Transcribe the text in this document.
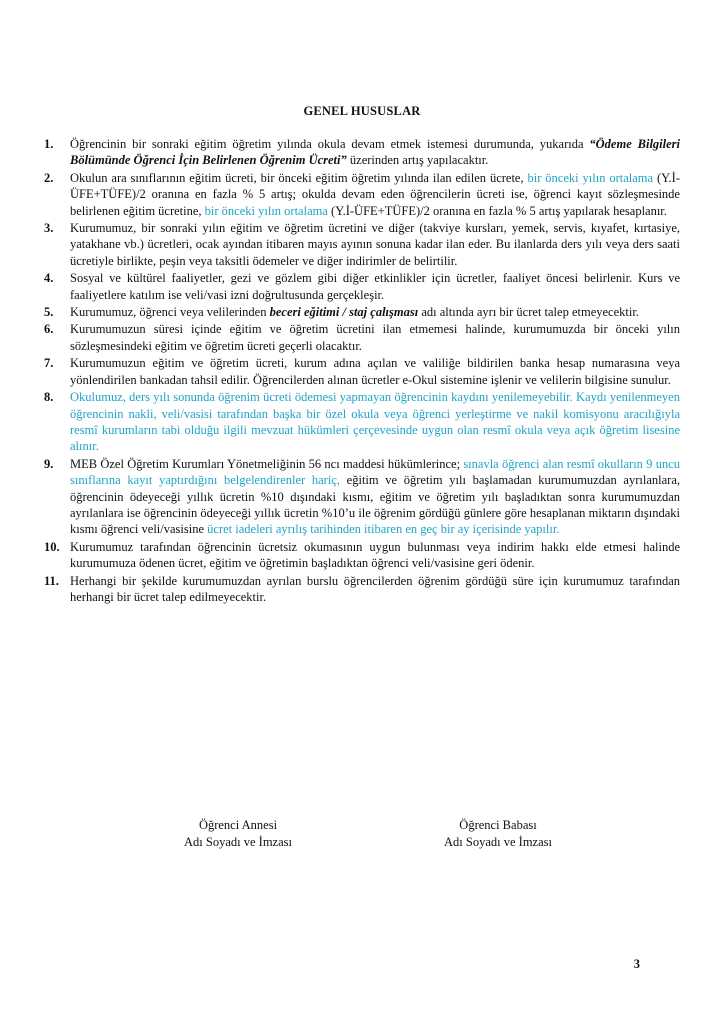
GENEL HUSUSLAR
1.	Öğrencinin bir sonraki eğitim öğretim yılında okula devam etmek istemesi durumunda, yukarıda “Ödeme Bilgileri Bölümünde Öğrenci İçin Belirlenen Öğrenim Ücreti” üzerinden artış yapılacaktır.
2.	Okulun ara sınıflarının eğitim ücreti, bir önceki eğitim öğretim yılında ilan edilen ücrete, bir önceki yılın ortalama (Y.İ-ÜFE+TÜFE)/2 oranına en fazla % 5 artış; okulda devam eden öğrencilerin ücreti ise, öğrenci kayıt sözleşmesinde belirlenen eğitim ücretine, bir önceki yılın ortalama (Y.İ-ÜFE+TÜFE)/2 oranına en fazla % 5 artış yapılarak hesaplanır.
3.	Kurumumuz, bir sonraki yılın eğitim ve öğretim ücretini ve diğer (takviye kursları, yemek, servis, kıyafet, kırtasiye, yatakhane vb.) ücretleri, ocak ayından itibaren mayıs ayının sonuna kadar ilan eder. Bu ilanlarda ders yılı veya ders saati ücretiyle birlikte, peşin veya taksitli ödemeler ve diğer indirimler de belirtilir.
4.	Sosyal ve kültürel faaliyetler, gezi ve gözlem gibi diğer etkinlikler için ücretler, faaliyet öncesi belirlenir. Kurs ve faaliyetlere katılım ise veli/vasi izni doğrultusunda gerçekleşir.
5.	Kurumumuz, öğrenci veya velilerinden beceri eğitimi / staj çalışması adı altında ayrı bir ücret talep etmeyecektir.
6.	Kurumumuzun süresi içinde eğitim ve öğretim ücretini ilan etmemesi halinde, kurumumuzda bir önceki yılın sözleşmesindeki eğitim ve öğretim ücreti geçerli olacaktır.
7.	Kurumumuzun eğitim ve öğretim ücreti, kurum adına açılan ve valiliğe bildirilen banka hesap numarasına veya yönlendirilen bankadan tahsil edilir. Öğrencilerden alınan ücretler e-Okul sistemine işlenir ve velilerin bilgisine sunulur.
8.	Okulumuz, ders yılı sonunda öğrenim ücreti ödemesi yapmayan öğrencinin kaydını yenilemeyebilir. Kaydı yenilenmeyen öğrencinin nakli, veli/vasisi tarafından başka bir özel okula veya öğrenci yerleştirme ve nakil komisyonu aracılığıyla resmî kurumların tabi olduğu ilgili mevzuat hükümleri çerçevesinde uygun olan resmî okula veya açık öğretim lisesine alınır.
9.	MEB Özel Öğretim Kurumları Yönetmeliğinin 56 ncı maddesi hükümlerince; sınavla öğrenci alan resmî okulların 9 uncu sınıflarına kayıt yaptırdığını belgelendirenler hariç, eğitim ve öğretim yılı başlamadan kurumumuzdan ayrılanlara, öğrencinin ödeyeceği yıllık ücretin %10 dışındaki kısmı, eğitim ve öğretim yılı başladıktan sonra kurumumuzdan ayrılanlara ise öğrencinin ödeyeceği yıllık ücretin %10’u ile öğrenim gördüğü günlere göre hesaplanan miktarın dışındaki kısmı öğrenci veli/vasisine ücret iadeleri ayrılış tarihinden itibaren en geç bir ay içerisinde yapılır.
10. Kurumumuz tarafından öğrencinin ücretsiz okumasının uygun bulunması veya indirim hakkı elde etmesi halinde kurumumuza ödenen ücret, eğitim ve öğretimin başladıktan öğrenci veli/vasisine geri ödenir.
11. Herhangi bir şekilde kurumumuzdan ayrılan burslu öğrencilerden öğrenim gördüğü süre için kurumumuz tarafından herhangi bir ücret talep edilmeyecektir.
Öğrenci Annesi
Adı Soyadı ve İmzası
Öğrenci Babası
Adı Soyadı ve İmzası
3
